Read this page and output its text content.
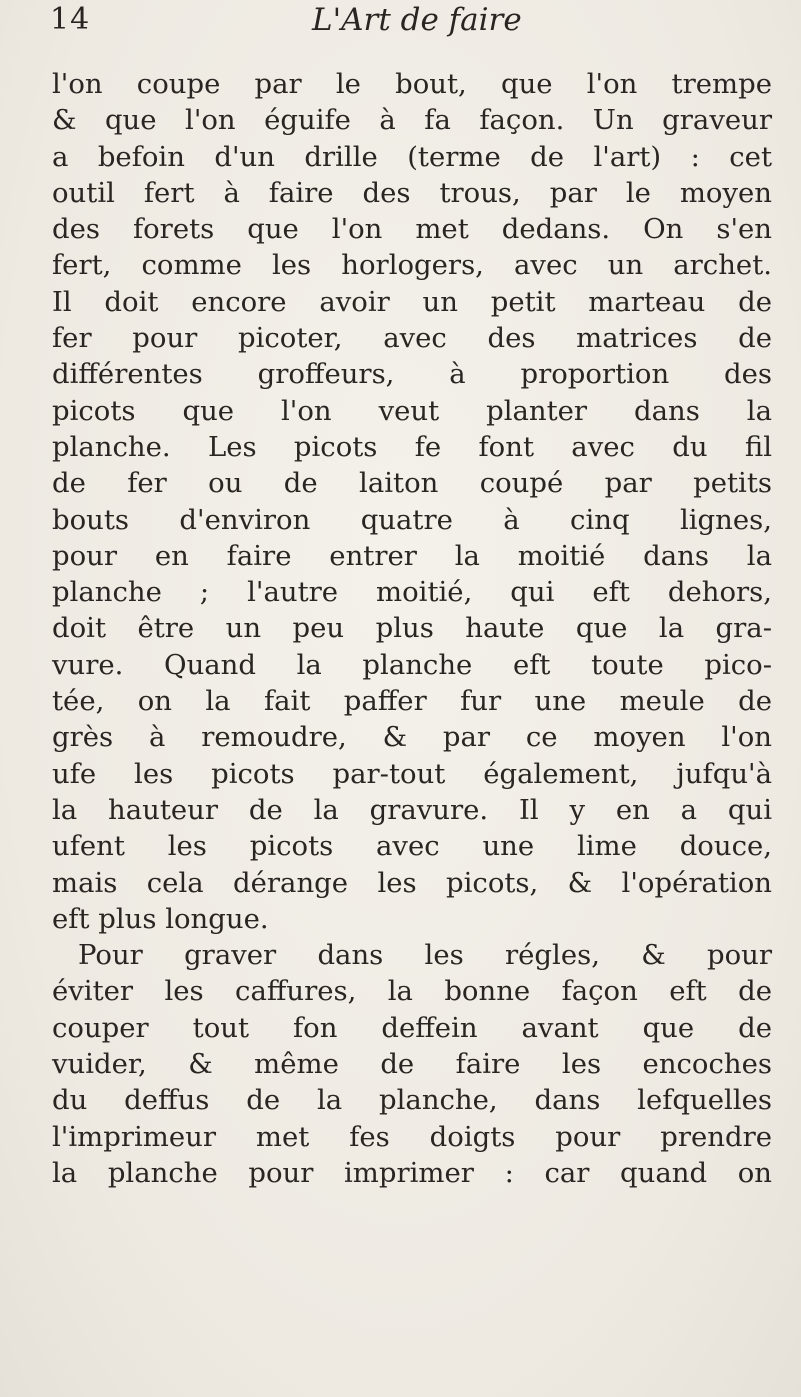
14	L'Art de faire
l'on coupe par le bout, que l'on trempe
& que l'on éguife à fa façon. Un graveur
a befoin d'un drille (terme de l'art) : cet
outil fert à faire des trous, par le moyen
des forets que l'on met dedans. On s'en
fert, comme les horlogers, avec un archet.
Il doit encore avoir un petit marteau de
fer pour picoter, avec des matrices de
différentes groffeurs, à proportion des
picots que l'on veut planter dans la
planche. Les picots fe font avec du fil
de fer ou de laiton coupé par petits
bouts d'environ quatre à cinq lignes,
pour en faire entrer la moitié dans la
planche ; l'autre moitié, qui eft dehors,
doit être un peu plus haute que la gra-
vure. Quand la planche eft toute pico-
tée, on la fait paffer fur une meule de
grès à remoudre, & par ce moyen l'on
ufe les picots par-tout également, jufqu'à
la hauteur de la gravure. Il y en a qui
ufent les picots avec une lime douce,
mais cela dérange les picots, & l'opération
eft plus longue.
Pour graver dans les régles, & pour
éviter les caffures, la bonne façon eft de
couper tout fon deffein avant que de
vuider, & même de faire les encoches
du deffus de la planche, dans lefquelles
l'imprimeur met fes doigts pour prendre
la planche pour imprimer : car quand on
